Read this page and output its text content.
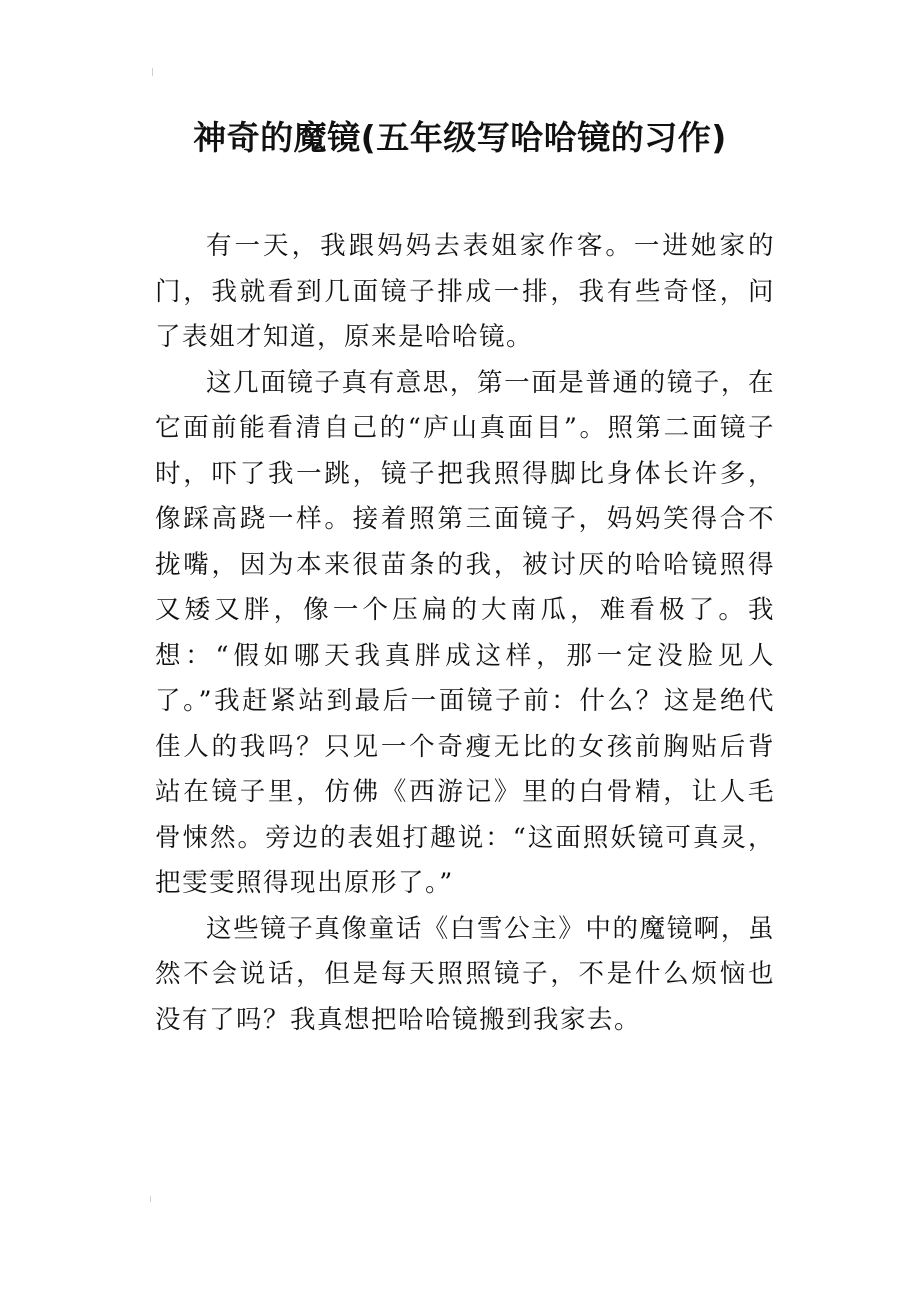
神奇的魔镜(五年级写哈哈镜的习作)

有一天，我跟妈妈去表姐家作客。一进她家的门，我就看到几面镜子排成一排，我有些奇怪，问了表姐才知道，原来是哈哈镜。

这几面镜子真有意思，第一面是普通的镜子，在它面前能看清自己的“庐山真面目”。照第二面镜子时，吓了我一跳，镜子把我照得脚比身体长许多，像踩高跷一样。接着照第三面镜子，妈妈笑得合不拢嘴，因为本来很苗条的我，被讨厌的哈哈镜照得又矮又胖，像一个压扁的大南瓜，难看极了。我想：“假如哪天我真胖成这样，那一定没脸见人了。”我赶紧站到最后一面镜子前：什么？这是绝代佳人的我吗？只见一个奇瘦无比的女孩前胸贴后背站在镜子里，仿佛《西游记》里的白骨精，让人毛骨悚然。旁边的表姐打趣说：“这面照妖镜可真灵，把雯雯照得现出原形了。”

这些镜子真像童话《白雪公主》中的魔镜啊，虽然不会说话，但是每天照照镜子，不是什么烦恼也没有了吗？我真想把哈哈镜搬到我家去。
